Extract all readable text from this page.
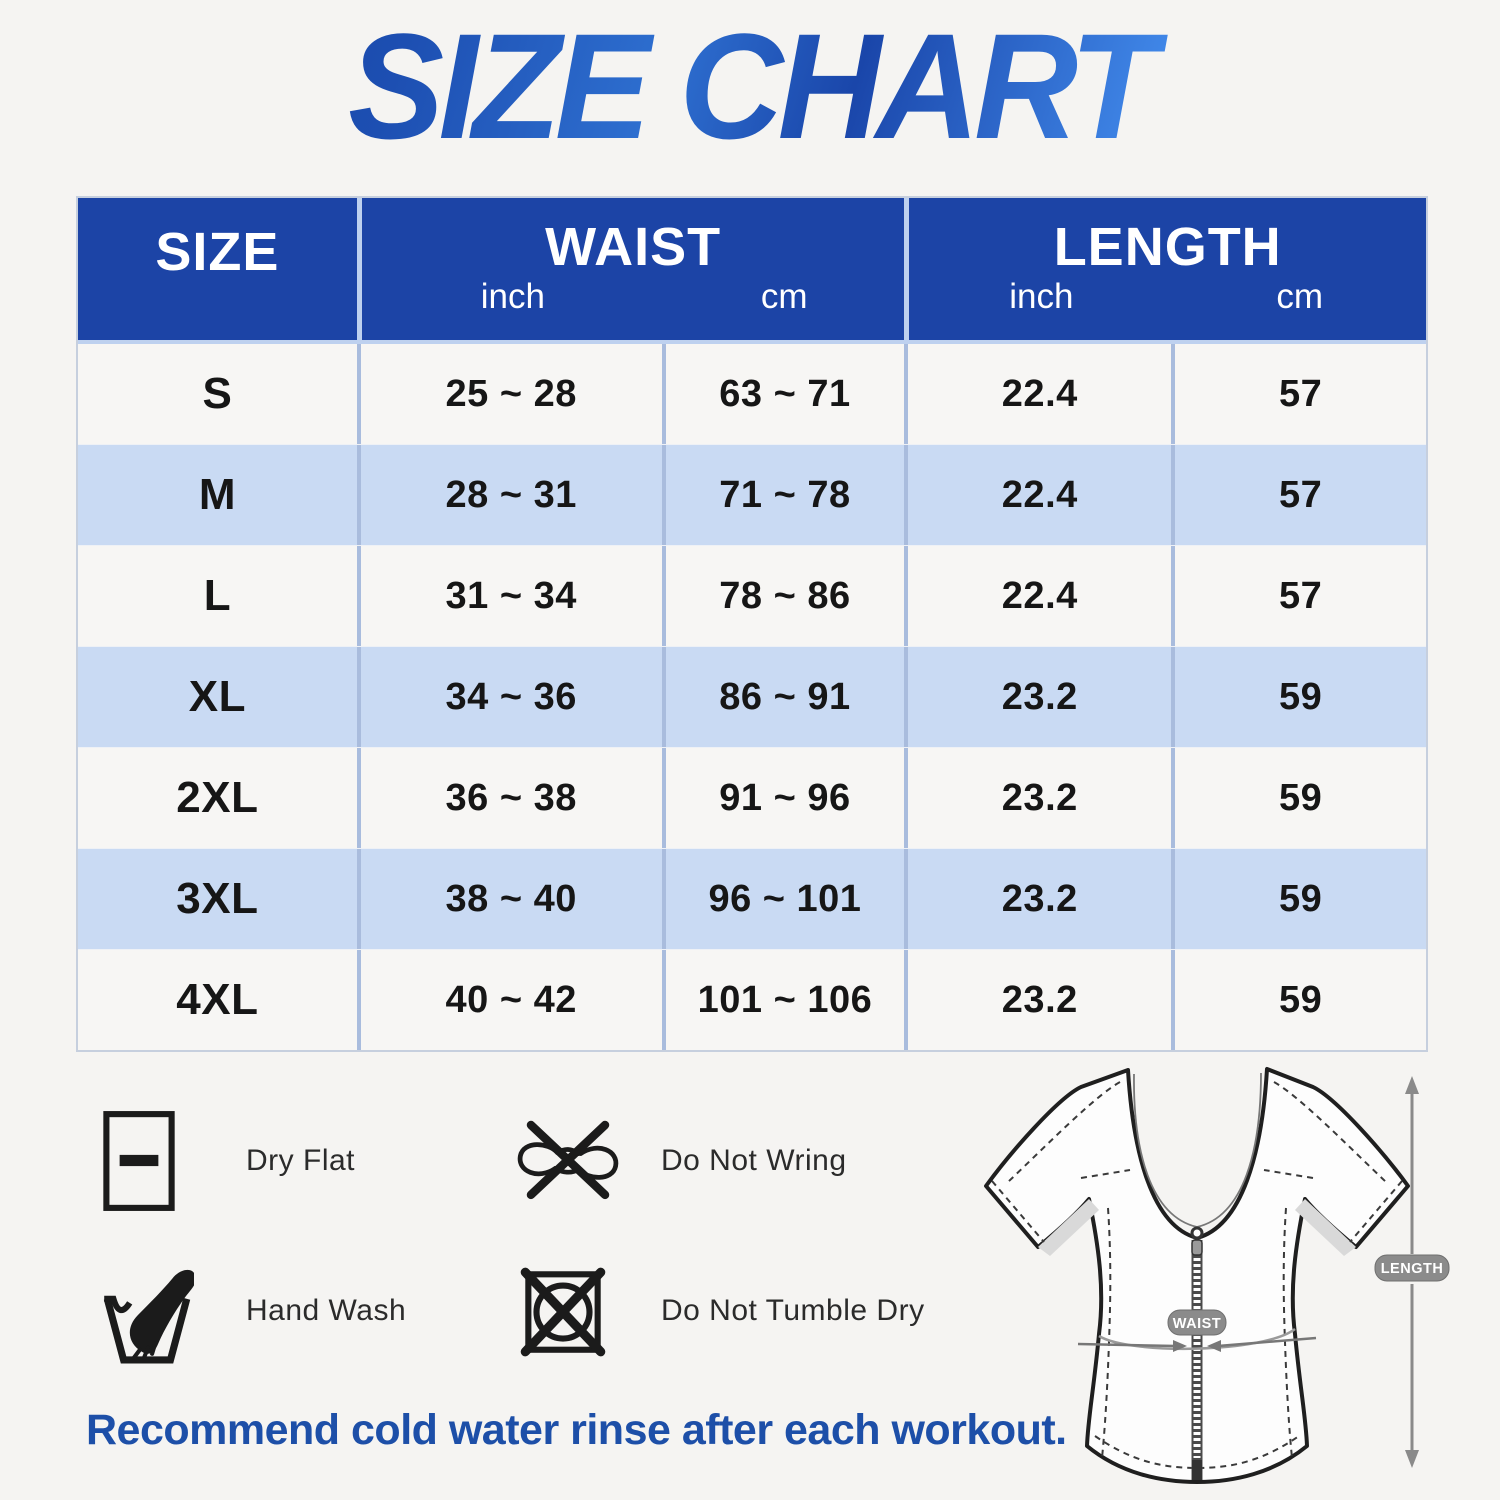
SIZE CHART
SIZE	WAIST
inch	cm
LENGTH
inch	cm
S	25 ~ 28	63 ~ 71	22.4	57
M	28 ~ 31	71 ~ 78	22.4	57
L	31 ~ 34	78 ~ 86	22.4	57
XL	34 ~ 36	86 ~ 91	23.2	59
2XL	36 ~ 38	91 ~ 96	23.2	59
3XL	38 ~ 40	96 ~ 101	23.2	59
4XL	40 ~ 42	101 ~ 106	23.2	59
Dry Flat	Do Not Wring
Hand Wash	Do Not Tumble Dry
Recommend cold water rinse after each workout.
WAIST
LENGTH
